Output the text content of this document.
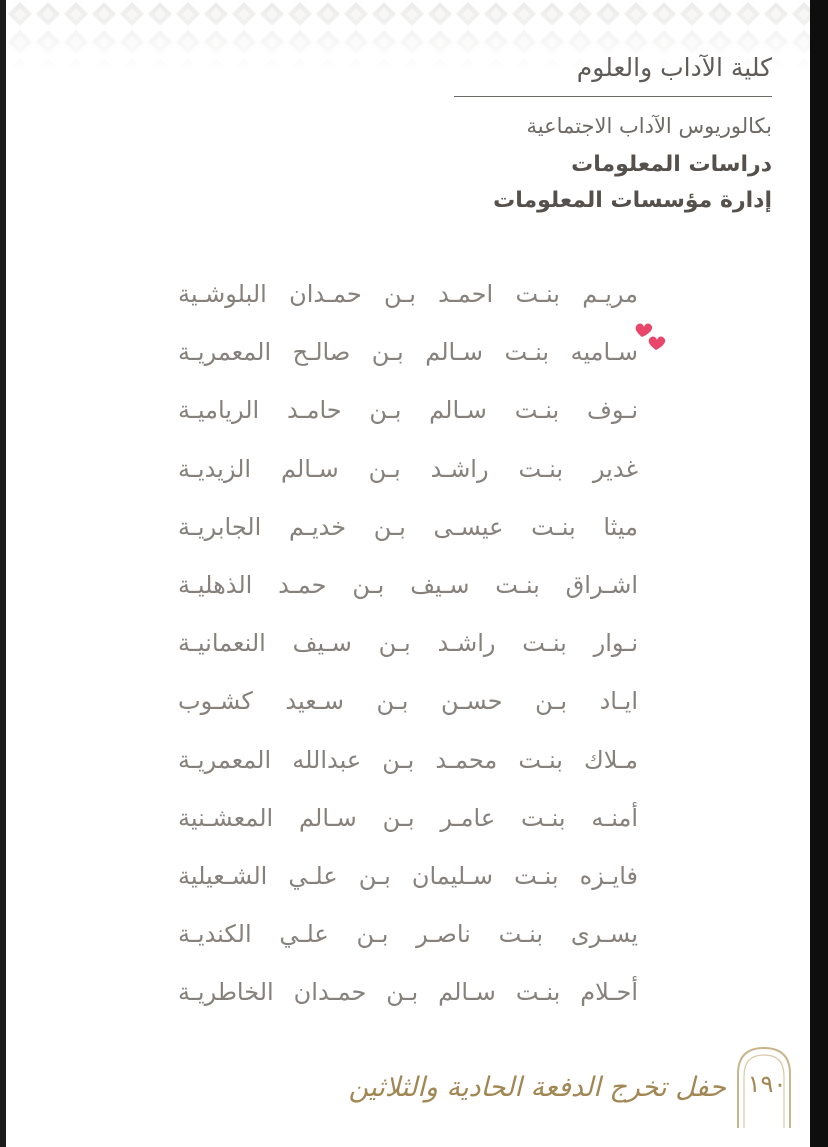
كلية الآداب والعلوم

بكالوريوس الآداب الاجتماعية

دراسات المعلومات

إدارة مؤسسات المعلومات

مريـم بنـت احمـد بـن حمـدان البلوشـية
سـاميه بنـت سـالم بـن صالـح المعمريـة
نـوف بنـت سـالم بـن حامـد الرياميـة
غدير بنـت راشـد بـن سـالم الزيديـة
ميثا بنـت عيسـى بـن خديـم الجابريـة
اشـراق بنـت سـيف بـن حمـد الذهليـة
نـوار بنـت راشـد بـن سـيف النعمانيـة
ايـاد بـن حسـن بـن سـعيد كشـوب
مـلاك بنـت محمـد بـن عبدالله المعمريـة
أمنـه بنـت عامـر بـن سـالم المعشـنية
فايـزه بنـت سـليمان بـن علـي الشـعيلية
يسـرى بنـت ناصـر بـن علـي الكنديـة
أحـلام بنـت سـالم بـن حمـدان الخاطريـة
١٩٠
حفل تخرج الدفعة الحادية والثلاثين
